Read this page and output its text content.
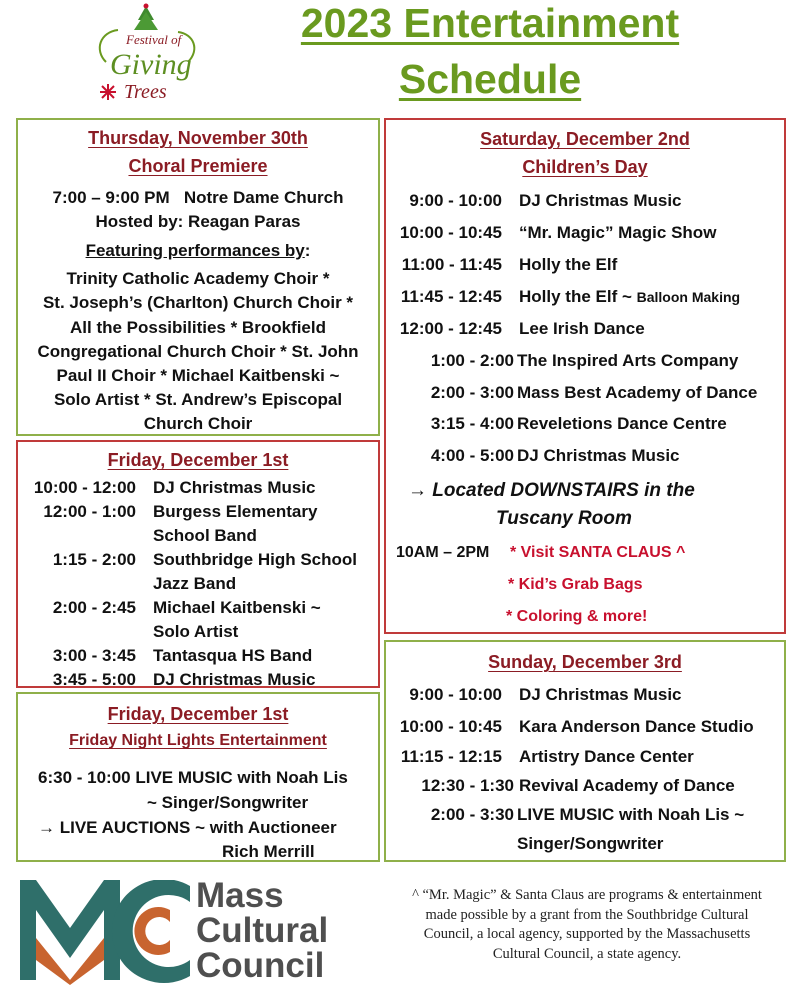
Festival of
Giving
Trees
2023 Entertainment
Schedule
Thursday, November 30th
Choral Premiere
7:00 – 9:00 PM   Notre Dame Church
Hosted by: Reagan Paras
Featuring performances by:
Trinity Catholic Academy Choir *
St. Joseph’s (Charlton) Church Choir *
All the Possibilities * Brookfield
Congregational Church Choir * St. John
Paul II Choir * Michael Kaitbenski ~
Solo Artist * St. Andrew’s Episcopal
Church Choir
Friday, December 1st
10:00 - 12:00 DJ Christmas Music
12:00 - 1:00 Burgess Elementary
School Band
1:15 - 2:00 Southbridge High School
Jazz Band
2:00 - 2:45 Michael Kaitbenski ~
Solo Artist
3:00 - 3:45 Tantasqua HS Band
3:45 - 5:00 DJ Christmas Music
Friday, December 1st
Friday Night Lights Entertainment
6:30 - 10:00 LIVE MUSIC with Noah Lis
~ Singer/Songwriter
→ LIVE AUCTIONS ~ with Auctioneer
Rich Merrill
Saturday, December 2nd
Children’s Day
9:00 - 10:00 DJ Christmas Music
10:00 - 10:45 “Mr. Magic” Magic Show
11:00 - 11:45 Holly the Elf
11:45 - 12:45 Holly the Elf ~ Balloon Making
12:00 - 12:45 Lee Irish Dance
1:00 - 2:00 The Inspired Arts Company
2:00 - 3:00 Mass Best Academy of Dance
3:15 - 4:00 Reveletions Dance Centre
4:00 - 5:00 DJ Christmas Music
→ Located DOWNSTAIRS in the
Tuscany Room
10AM – 2PM * Visit SANTA CLAUS ^
* Kid’s Grab Bags
* Coloring & more!
Sunday, December 3rd
9:00 - 10:00 DJ Christmas Music
10:00 - 10:45 Kara Anderson Dance Studio
11:15 - 12:15 Artistry Dance Center
12:30 - 1:30 Revival Academy of Dance
2:00 - 3:30 LIVE MUSIC with Noah Lis ~
Singer/Songwriter
Mass
Cultural
Council
^ “Mr. Magic” & Santa Claus are programs & entertainment made possible by a grant from the Southbridge Cultural Council, a local agency, supported by the Massachusetts Cultural Council, a state agency.
